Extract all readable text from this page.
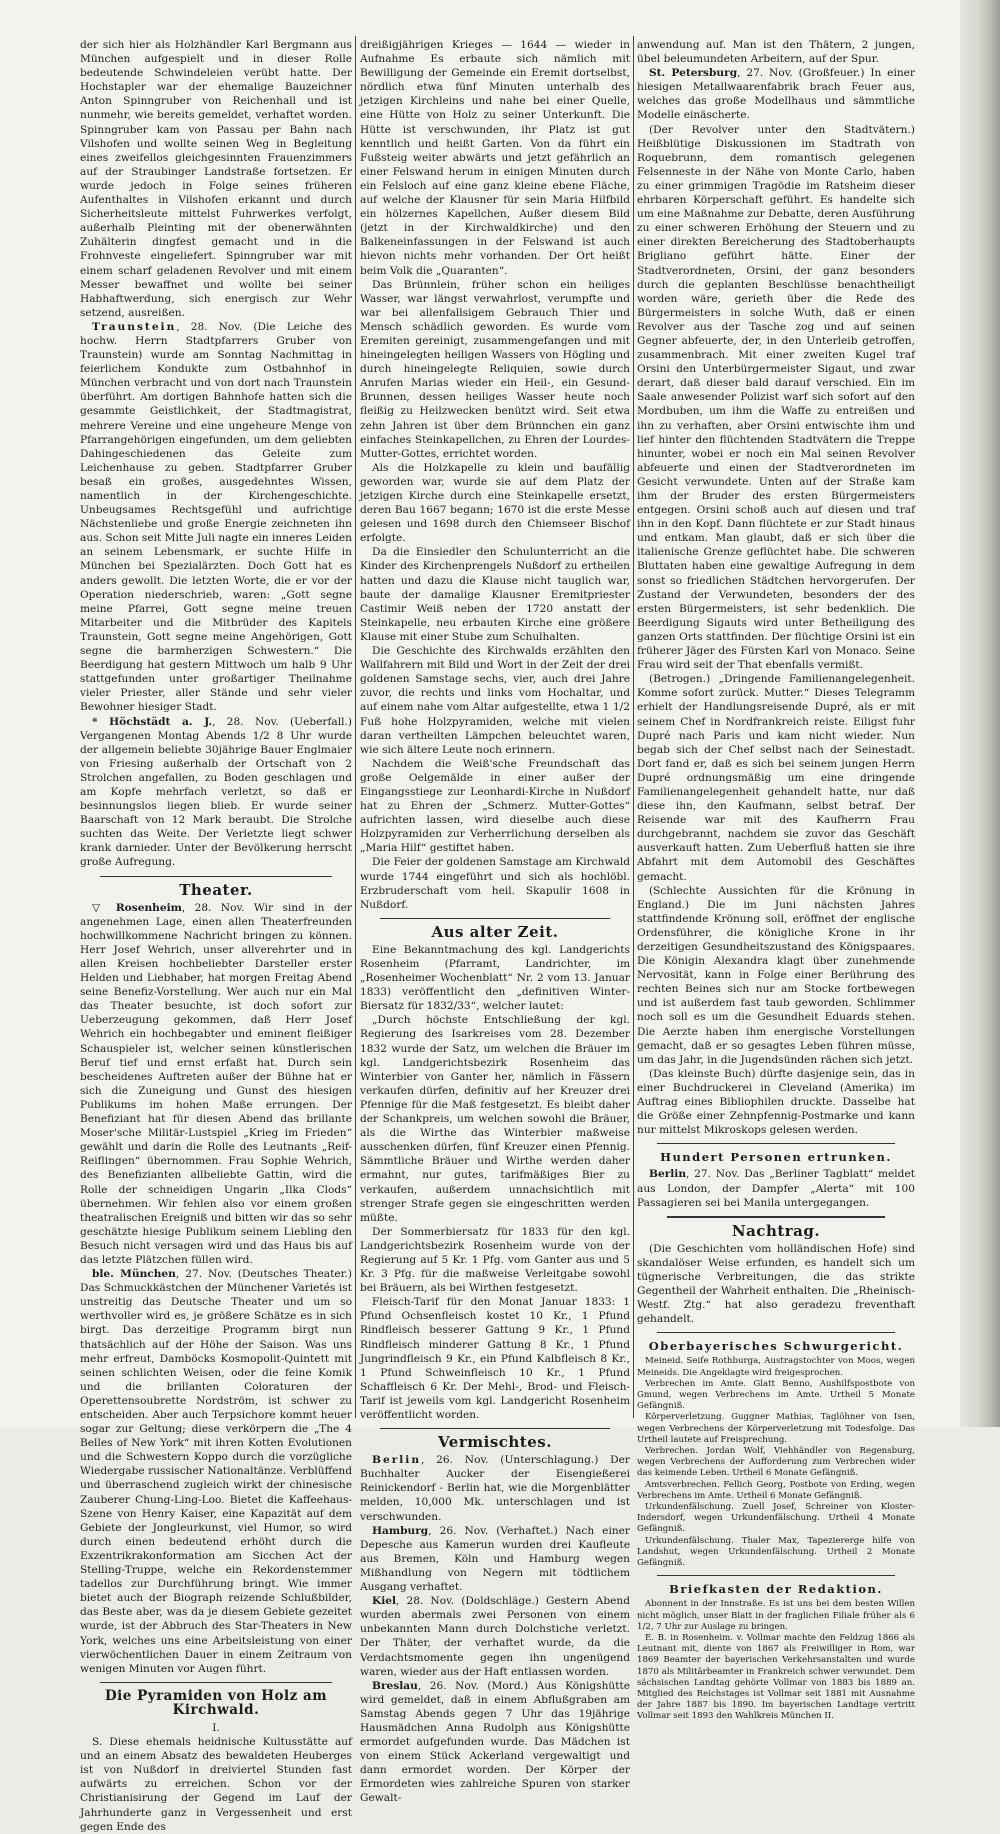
der sich hier als Holzhändler Karl Bergmann aus München aufgespielt und in dieser Rolle bedeutende Schwindeleien verübt hatte. Der Hochstapler war der ehemalige Bauzeichner Anton Spinngruber von Reichenhall und ist nunmehr, wie bereits gemeldet, verhaftet worden. Spinngruber kam von Passau per Bahn nach Vilshofen und wollte seinen Weg in Begleitung eines zweifellos gleichgesinnten Frauenzimmers auf der Straubinger Landstraße fortsetzen. Er wurde jedoch in Folge seines früheren Aufenthaltes in Vilshofen erkannt und durch Sicherheitsleute mittelst Fuhrwerkes verfolgt, außerhalb Pleinting mit der obenerwähnten Zuhälterin dingfest gemacht und in die Frohnveste eingeliefert. Spinngruber war mit einem scharf geladenen Revolver und mit einem Messer bewaffnet und wollte bei seiner Habhaftwerdung, sich energisch zur Wehr setzend, ausreißen.

Traunstein, 28. Nov. (Die Leiche des hochw. Herrn Stadtpfarrers Gruber von Traunstein) wurde am Sonntag Nachmittag in feierlichem Kondukte zum Ostbahnhof in München verbracht und von dort nach Traunstein überführt. Am dortigen Bahnhofe hatten sich die gesammte Geistlichkeit, der Stadtmagistrat, mehrere Vereine und eine ungeheure Menge von Pfarrangehörigen eingefunden, um dem geliebten Dahingeschiedenen das Geleite zum Leichenhause zu geben. Stadtpfarrer Gruber besaß ein großes, ausgedehntes Wissen, namentlich in der Kirchengeschichte. Unbeugsames Rechtsgefühl und aufrichtige Nächstenliebe und große Energie zeichneten ihn aus. Schon seit Mitte Juli nagte ein inneres Leiden an seinem Lebensmark, er suchte Hilfe in München bei Spezialärzten. Doch Gott hat es anders gewollt. Die letzten Worte, die er vor der Operation niederschrieb, waren: „Gott segne meine Pfarrei, Gott segne meine treuen Mitarbeiter und die Mitbrüder des Kapitels Traunstein, Gott segne meine Angehörigen, Gott segne die barmherzigen Schwestern.“ Die Beerdigung hat gestern Mittwoch um halb 9 Uhr stattgefunden unter großartiger Theilnahme vieler Priester, aller Stände und sehr vieler Bewohner hiesiger Stadt.

* Höchstädt a. J., 28. Nov. (Ueberfall.) Vergangenen Montag Abends 1/2 8 Uhr wurde der allgemein beliebte 30jährige Bauer Englmaier von Friesing außerhalb der Ortschaft von 2 Strolchen angefallen, zu Boden geschlagen und am Kopfe mehrfach verletzt, so daß er besinnungslos liegen blieb. Er wurde seiner Baarschaft von 12 Mark beraubt. Die Strolche suchten das Weite. Der Verletzte liegt schwer krank darnieder. Unter der Bevölkerung herrscht große Aufregung.

Theater.

▽ Rosenheim, 28. Nov. Wir sind in der angenehmen Lage, einen allen Theaterfreunden hochwillkommene Nachricht bringen zu können. Herr Josef Wehrich, unser allverehrter und in allen Kreisen hochbeliebter Darsteller erster Helden und Liebhaber, hat morgen Freitag Abend seine Benefiz-Vorstellung. Wer auch nur ein Mal das Theater besuchte, ist doch sofort zur Ueberzeugung gekommen, daß Herr Josef Wehrich ein hochbegabter und eminent fleißiger Schauspieler ist, welcher seinen künstlerischen Beruf tief und ernst erfaßt hat. Durch sein bescheidenes Auftreten außer der Bühne hat er sich die Zuneigung und Gunst des hiesigen Publikums im hohen Maße errungen. Der Benefiziant hat für diesen Abend das brillante Moser'sche Militär-Lustspiel „Krieg im Frieden“ gewählt und darin die Rolle des Leutnants „Reif-Reiflingen“ übernommen. Frau Sophie Wehrich, des Benefizianten allbeliebte Gattin, wird die Rolle der schneidigen Ungarin „Ilka Clods“ übernehmen. Wir fehlen also vor einem großen theatralischen Ereigniß und bitten wir das so sehr geschätzte hiesige Publikum seinem Liebling den Besuch nicht versagen wird und das Haus bis auf das letzte Plätzchen füllen wird.

ble. München, 27. Nov. (Deutsches Theater.) Das Schmuckkästchen der Münchener Varietés ist unstreitig das Deutsche Theater und um so werthvoller wird es, je größere Schätze es in sich birgt. Das derzeitige Programm birgt nun thatsächlich auf der Höhe der Saison. Was uns mehr erfreut, Damböcks Kosmopolit-Quintett mit seinen schlichten Weisen, oder die feine Komik und die brillanten Coloraturen der Operettensoubrette Nordström, ist schwer zu entscheiden. Aber auch Terpsichore kommt heuer sogar zur Geltung; diese verkörpern die „The 4 Belles of New York“ mit ihren Kotten Evolutionen und die Schwestern Koppo durch die vorzügliche Wiedergabe russischer Nationaltänze. Verblüffend und überraschend zugleich wirkt der chinesische Zauberer Chung-Ling-Loo. Bietet die Kaffeehaus-Szene von Henry Kaiser, eine Kapazität auf dem Gebiete der Jongleurkunst, viel Humor, so wird durch einen bedeutend erhöht durch die Exzentrikrakonformation am Sicchen Act der Stelling-Truppe, welche ein Rekordenstemmer tadellos zur Durchführung bringt. Wie immer bietet auch der Biograph reizende Schlußbilder, das Beste aber, was da je diesem Gebiete gezeitet wurde, ist der Abbruch des Star-Theaters in New York, welches uns eine Arbeitsleistung von einer vierwöchentlichen Dauer in einem Zeitraum von wenigen Minuten vor Augen führt.

Die Pyramiden von Holz am Kirchwald.

I.

S. Diese ehemals heidnische Kultusstätte auf und an einem Absatz des bewaldeten Heuberges ist von Nußdorf in dreiviertel Stunden fast aufwärts zu erreichen. Schon vor der Christianisirung der Gegend im Lauf der Jahrhunderte ganz in Vergessenheit und erst gegen Ende des

dreißigjährigen Krieges — 1644 — wieder in Aufnahme Es erbaute sich nämlich mit Bewilligung der Gemeinde ein Eremit dortselbst, nördlich etwa fünf Minuten unterhalb des jetzigen Kirchleins und nahe bei einer Quelle, eine Hütte von Holz zu seiner Unterkunft. Die Hütte ist verschwunden, ihr Platz ist gut kenntlich und heißt Garten. Von da führt ein Fußsteig weiter abwärts und jetzt gefährlich an einer Felswand herum in einigen Minuten durch ein Felsloch auf eine ganz kleine ebene Fläche, auf welche der Klausner für sein Maria Hilfbild ein hölzernes Kapellchen, Außer diesem Bild (jetzt in der Kirchwaldkirche) und den Balkeneinfassungen in der Felswand ist auch hievon nichts mehr vorhanden. Der Ort heißt beim Volk die „Quaranten“.

Das Brünnlein, früher schon ein heiliges Wasser, war längst verwahrlost, verumpfte und war bei allenfallsigem Gebrauch Thier und Mensch schädlich geworden. Es wurde vom Eremiten gereinigt, zusammengefangen und mit hineingelegten heiligen Wassers von Högling und durch hineingelegte Reliquien, sowie durch Anrufen Marias wieder ein Heil-, ein Gesund-Brunnen, dessen heiliges Wasser heute noch fleißig zu Heilzwecken benützt wird. Seit etwa zehn Jahren ist über dem Brünnchen ein ganz einfaches Steinkapellchen, zu Ehren der Lourdes-Mutter-Gottes, errichtet worden.

Als die Holzkapelle zu klein und baufällig geworden war, wurde sie auf dem Platz der jetzigen Kirche durch eine Steinkapelle ersetzt, deren Bau 1667 begann; 1670 ist die erste Messe gelesen und 1698 durch den Chiemseer Bischof erfolgte.

Da die Einsiedler den Schulunterricht an die Kinder des Kirchenprengels Nußdorf zu ertheilen hatten und dazu die Klause nicht tauglich war, baute der damalige Klausner Eremitpriester Castimir Weiß neben der 1720 anstatt der Steinkapelle, neu erbauten Kirche eine größere Klause mit einer Stube zum Schulhalten.

Die Geschichte des Kirchwalds erzählten den Wallfahrern mit Bild und Wort in der Zeit der drei goldenen Samstage sechs, vier, auch drei Jahre zuvor, die rechts und links vom Hochaltar, und auf einem nahe vom Altar aufgestellte, etwa 1 1/2 Fuß hohe Holzpyramiden, welche mit vielen daran vertheilten Lämpchen beleuchtet waren, wie sich ältere Leute noch erinnern.

Nachdem die Weiß'sche Freundschaft das große Oelgemälde in einer außer der Eingangsstiege zur Leonhardi-Kirche in Nußdorf hat zu Ehren der „Schmerz. Mutter-Gottes“ aufrichten lassen, wird dieselbe auch diese Holzpyramiden zur Verherrlichung derselben als „Maria Hilf“ gestiftet haben.

Die Feier der goldenen Samstage am Kirchwald wurde 1744 eingeführt und sich als hochlöbl. Erzbruderschaft vom heil. Skapulir 1608 in Nußdorf.

Aus alter Zeit.

Eine Bekanntmachung des kgl. Landgerichts Rosenheim (Pfarramt, Landrichter, im „Rosenheimer Wochenblatt“ Nr. 2 vom 13. Januar 1833) veröffentlicht den „definitiven Winter-Biersatz für 1832/33“, welcher lautet:

„Durch höchste Entschließung der kgl. Regierung des Isarkreises vom 28. Dezember 1832 wurde der Satz, um welchen die Bräuer im kgl. Landgerichtsbezirk Rosenheim das Winterbier von Ganter her, nämlich in Fässern verkaufen dürfen, definitiv auf her Kreuzer drei Pfennige für die Maß festgesetzt. Es bleibt daher der Schankpreis, um welchen sowohl die Bräuer, als die Wirthe das Winterbier maßweise ausschenken dürfen, fünf Kreuzer einen Pfennig. Sämmtliche Bräuer und Wirthe werden daher ermahnt, nur gutes, tarifmäßiges Bier zu verkaufen, außerdem unnachsichtlich mit strenger Strafe gegen sie eingeschritten werden müßte.

Der Sommerbiersatz für 1833 für den kgl. Landgerichtsbezirk Rosenheim wurde von der Regierung auf 5 Kr. 1 Pfg. vom Ganter aus und 5 Kr. 3 Pfg. für die maßweise Verleitgabe sowohl bei Bräuern, als bei Wirthen festgesetzt.

Fleisch-Tarif für den Monat Januar 1833: 1 Pfund Ochsenfleisch kostet 10 Kr., 1 Pfund Rindfleisch besserer Gattung 9 Kr., 1 Pfund Rindfleisch minderer Gattung 8 Kr., 1 Pfund Jungrindfleisch 9 Kr., ein Pfund Kalbfleisch 8 Kr., 1 Pfund Schweinfleisch 10 Kr., 1 Pfund Schaffleisch 6 Kr. Der Mehl-, Brod- und Fleisch-Tarif ist jeweils vom kgl. Landgericht Rosenheim veröffentlicht worden.

Vermischtes.

Berlin, 26. Nov. (Unterschlagung.) Der Buchhalter Aucker der Eisengießerei Reinickendorf - Berlin hat, wie die Morgenblätter melden, 10,000 Mk. unterschlagen und ist verschwunden.

Hamburg, 26. Nov. (Verhaftet.) Nach einer Depesche aus Kamerun wurden drei Kaufleute aus Bremen, Köln und Hamburg wegen Mißhandlung von Negern mit tödtlichem Ausgang verhaftet.

Kiel, 28. Nov. (Doldschläge.) Gestern Abend wurden abermals zwei Personen von einem unbekannten Mann durch Dolchstiche verletzt. Der Thäter, der verhaftet wurde, da die Verdachtsmomente gegen ihn ungenügend waren, wieder aus der Haft entlassen worden.

Breslau, 26. Nov. (Mord.) Aus Königshütte wird gemeldet, daß in einem Abflußgraben am Samstag Abends gegen 7 Uhr das 19jährige Hausmädchen Anna Rudolph aus Königshütte ermordet aufgefunden wurde. Das Mädchen ist von einem Stück Ackerland vergewaltigt und dann ermordet worden. Der Körper der Ermordeten wies zahlreiche Spuren von starker Gewalt-

anwendung auf. Man ist den Thätern, 2 jungen, übel beleumundeten Arbeitern, auf der Spur.

St. Petersburg, 27. Nov. (Großfeuer.) In einer hiesigen Metallwaarenfabrik brach Feuer aus, welches das große Modellhaus und sämmtliche Modelle einäscherte.

(Der Revolver unter den Stadtvätern.) Heißblütige Diskussionen im Stadtrath von Roquebrunn, dem romantisch gelegenen Felsenneste in der Nähe von Monte Carlo, haben zu einer grimmigen Tragödie im Ratsheim dieser ehrbaren Körperschaft geführt. Es handelte sich um eine Maßnahme zur Debatte, deren Ausführung zu einer schweren Erhöhung der Steuern und zu einer direkten Bereicherung des Stadtoberhaupts Brigliano geführt hätte. Einer der Stadtverordneten, Orsini, der ganz besonders durch die geplanten Beschlüsse benachtheiligt worden wäre, gerieth über die Rede des Bürgermeisters in solche Wuth, daß er einen Revolver aus der Tasche zog und auf seinen Gegner abfeuerte, der, in den Unterleib getroffen, zusammenbrach. Mit einer zweiten Kugel traf Orsini den Unterbürgermeister Sigaut, und zwar derart, daß dieser bald darauf verschied. Ein im Saale anwesender Polizist warf sich sofort auf den Mordbuben, um ihm die Waffe zu entreißen und ihn zu verhaften, aber Orsini entwischte ihm und lief hinter den flüchtenden Stadtvätern die Treppe hinunter, wobei er noch ein Mal seinen Revolver abfeuerte und einen der Stadtverordneten im Gesicht verwundete. Unten auf der Straße kam ihm der Bruder des ersten Bürgermeisters entgegen. Orsini schoß auch auf diesen und traf ihn in den Kopf. Dann flüchtete er zur Stadt hinaus und entkam. Man glaubt, daß er sich über die italienische Grenze geflüchtet habe. Die schweren Bluttaten haben eine gewaltige Aufregung in dem sonst so friedlichen Städtchen hervorgerufen. Der Zustand der Verwundeten, besonders der des ersten Bürgermeisters, ist sehr bedenklich. Die Beerdigung Sigauts wird unter Betheiligung des ganzen Orts stattfinden. Der flüchtige Orsini ist ein früherer Jäger des Fürsten Karl von Monaco. Seine Frau wird seit der That ebenfalls vermißt.

(Betrogen.) „Dringende Familienangelegenheit. Komme sofort zurück. Mutter.“ Dieses Telegramm erhielt der Handlungsreisende Dupré, als er mit seinem Chef in Nordfrankreich reiste. Eiligst fuhr Dupré nach Paris und kam nicht wieder. Nun begab sich der Chef selbst nach der Seinestadt. Dort fand er, daß es sich bei seinem jungen Herrn Dupré ordnungsmäßig um eine dringende Familienangelegenheit gehandelt hatte, nur daß diese ihn, den Kaufmann, selbst betraf. Der Reisende war mit des Kaufherrn Frau durchgebrannt, nachdem sie zuvor das Geschäft ausverkauft hatten. Zum Ueberfluß hatten sie ihre Abfahrt mit dem Automobil des Geschäftes gemacht.

(Schlechte Aussichten für die Krönung in England.) Die im Juni nächsten Jahres stattfindende Krönung soll, eröffnet der englische Ordensführer, die königliche Krone in ihr derzeitigen Gesundheitszustand des Königspaares. Die Königin Alexandra klagt über zunehmende Nervosität, kann in Folge einer Berührung des rechten Beines sich nur am Stocke fortbewegen und ist außerdem fast taub geworden. Schlimmer noch soll es um die Gesundheit Eduards stehen. Die Aerzte haben ihm energische Vorstellungen gemacht, daß er so gesagtes Leben führen müsse, um das Jahr, in die Jugendsünden rächen sich jetzt.

(Das kleinste Buch) dürfte dasjenige sein, das in einer Buchdruckerei in Cleveland (Amerika) im Auftrag eines Bibliophilen druckte. Dasselbe hat die Größe einer Zehnpfennig-Postmarke und kann nur mittelst Mikroskops gelesen werden.

Hundert Personen ertrunken.

Berlin, 27. Nov. Das „Berliner Tagblatt“ meldet aus London, der Dampfer „Alerta“ mit 100 Passagieren sei bei Manila untergegangen.

Nachtrag.

(Die Geschichten vom holländischen Hofe) sind skandalöser Weise erfunden, es handelt sich um tügnerische Verbreitungen, die das strikte Gegentheil der Wahrheit enthalten. Die „Rheinisch-Westf. Ztg.“ hat also geradezu freventhaft gehandelt.

Oberbayerisches Schwurgericht.

Meineid. Seife Rothburga, Austragstochter von Moos, wegen Meineids. Die Angeklagte wird freigesprochen.

Verbrechen im Amte. Glatt Benno, Aushilfspostbote von Gmund, wegen Verbrechens im Amte. Urtheil 5 Monate Gefängniß.

Körperverletzung. Guggner Mathias, Taglöhner von Isen, wegen Verbrechens der Körperverletzung mit Todesfolge. Das Urtheil lautete auf Freisprechung.

Verbrechen. Jordan Wolf, Viehhändler von Regensburg, wegen Verbrechens der Aufforderung zum Verbrechen wider das keimende Leben. Urtheil 6 Monate Gefängniß.

Amtsverbrechen. Fellich Georg, Postbote von Erding, wegen Verbrechens im Amte. Urtheil 6 Monate Gefängniß.

Urkundenfälschung. Zuell Josef, Schreiner von Kloster-Indersdorf, wegen Urkundenfälschung. Urtheil 4 Monate Gefängniß.

Urkundenfälschung. Thaler Max, Tapeziererge hilfe von Landshut, wegen Urkundenfälschung. Urtheil 2 Monate Gefängniß.

Briefkasten der Redaktion.

Abonnent in der Innstraße. Es ist uns bei dem besten Willen nicht möglich, unser Blatt in der fraglichen Filiale früher als 6 1/2, 7 Uhr zur Auslage zu bringen.

E. B. in Rosenheim. v. Vollmar machte den Feldzug 1866 als Leutnant mit, diente von 1867 als Freiwilliger in Rom, war 1869 Beamter der bayerischen Verkehrsanstalten und wurde 1870 als Militärbeamter in Frankreich schwer verwundet. Dem sächsischen Landtag gehörte Vollmar von 1883 bis 1889 an. Mitglied des Reichstages ist Vollmar seit 1881 mit Ausnahme der Jahre 1887 bis 1890. Im bayerischen Landtage vertritt Vollmar seit 1893 den Wahlkreis München II.
